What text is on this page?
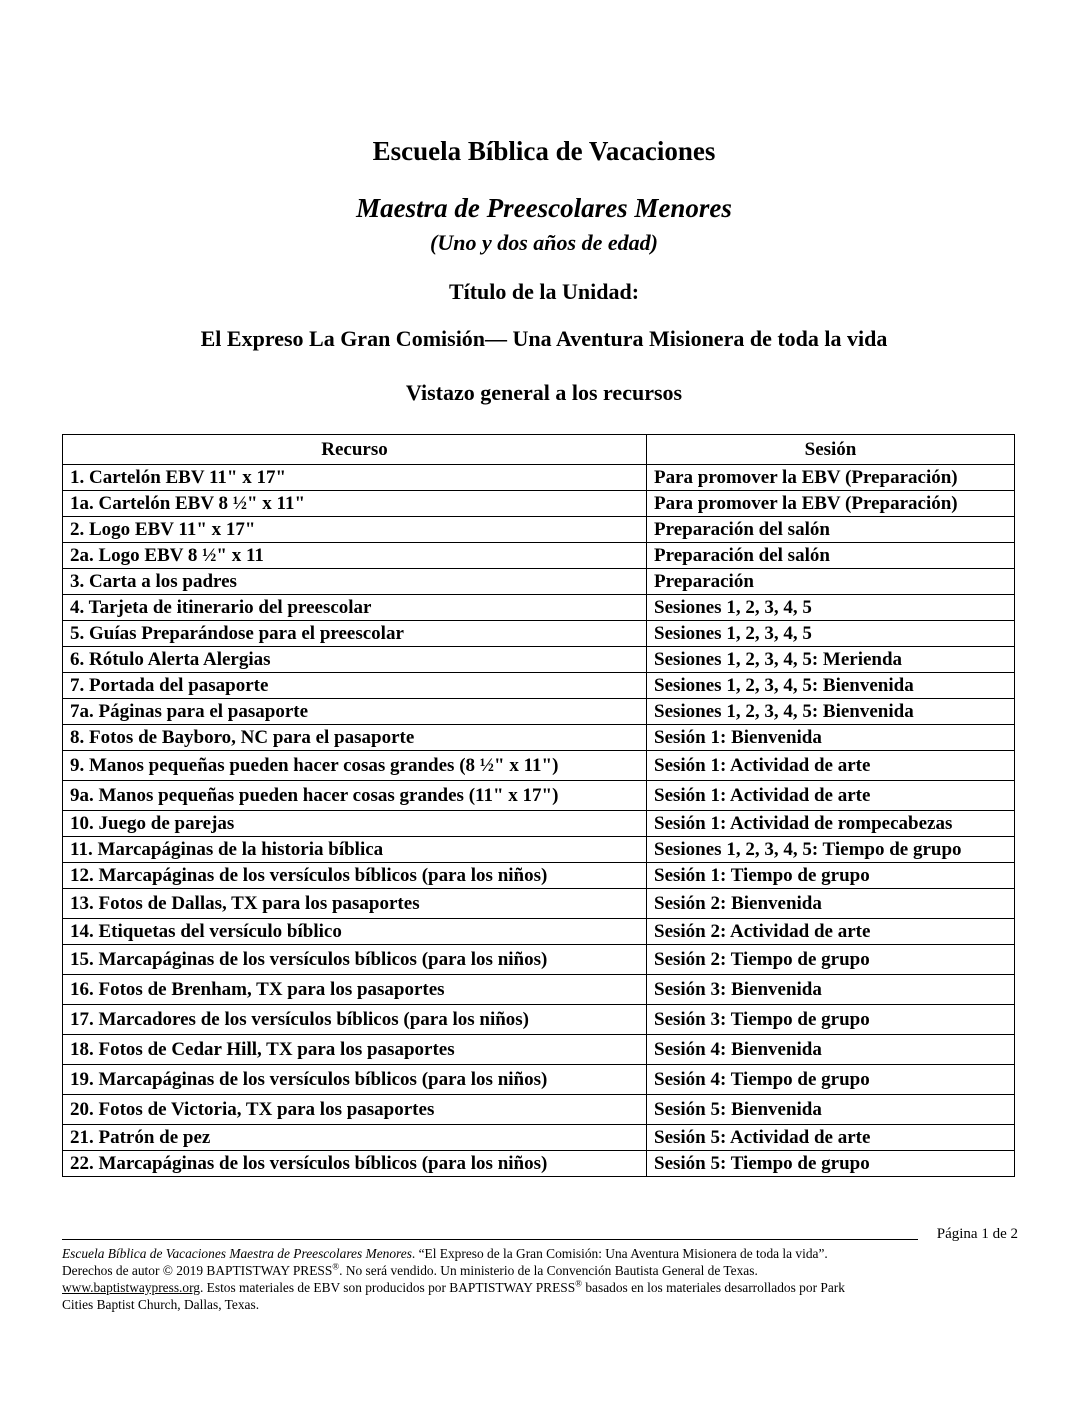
Escuela Bíblica de Vacaciones
Maestra de Preescolares Menores
(Uno y dos años de edad)
Título de la Unidad:
El Expreso La Gran Comisión— Una Aventura Misionera de toda la vida
Vistazo general a los recursos
Recurso	Sesión
1. Cartelón EBV 11" x 17"	Para promover la EBV (Preparación)
1a. Cartelón EBV 8 ½" x 11"	Para promover la EBV (Preparación)
2. Logo EBV 11" x 17"	Preparación del salón
2a. Logo EBV 8 ½" x 11	Preparación del salón
3. Carta a los padres	Preparación
4. Tarjeta de itinerario del preescolar	Sesiones 1, 2, 3, 4, 5
5. Guías Preparándose para el preescolar	Sesiones 1, 2, 3, 4, 5
6. Rótulo Alerta Alergias	Sesiones 1, 2, 3, 4, 5: Merienda
7. Portada del pasaporte	Sesiones 1, 2, 3, 4, 5: Bienvenida
7a. Páginas para el pasaporte	Sesiones 1, 2, 3, 4, 5: Bienvenida
8. Fotos de Bayboro, NC para el pasaporte	Sesión 1: Bienvenida
9. Manos pequeñas pueden hacer cosas grandes (8 ½" x 11")	Sesión 1: Actividad de arte
9a. Manos pequeñas pueden hacer cosas grandes (11" x 17")	Sesión 1: Actividad de arte
10. Juego de parejas	Sesión 1: Actividad de rompecabezas
11. Marcapáginas de la historia bíblica	Sesiones 1, 2, 3, 4, 5: Tiempo de grupo
12. Marcapáginas de los versículos bíblicos (para los niños)	Sesión 1: Tiempo de grupo
13. Fotos de Dallas, TX para los pasaportes	Sesión 2: Bienvenida
14. Etiquetas del versículo bíblico	Sesión 2: Actividad de arte
15. Marcapáginas de los versículos bíblicos (para los niños)	Sesión 2: Tiempo de grupo
16. Fotos de Brenham, TX para los pasaportes	Sesión 3: Bienvenida
17. Marcadores de los versículos bíblicos (para los niños)	Sesión 3: Tiempo de grupo
18. Fotos de Cedar Hill, TX para los pasaportes	Sesión 4: Bienvenida
19. Marcapáginas de los versículos bíblicos (para los niños)	Sesión 4: Tiempo de grupo
20. Fotos de Victoria, TX para los pasaportes	Sesión 5: Bienvenida
21. Patrón de pez	Sesión 5: Actividad de arte
22. Marcapáginas de los versículos bíblicos (para los niños)	Sesión 5: Tiempo de grupo
Página 1 de 2

Escuela Bíblica de Vacaciones Maestra de Preescolares Menores. “El Expreso de la Gran Comisión: Una Aventura Misionera de toda la vida”.

Derechos de autor © 2019 BAPTISTWAY PRESS®. No será vendido. Un ministerio de la Convención Bautista General de Texas.

www.baptistwaypress.org. Estos materiales de EBV son producidos por BAPTISTWAY PRESS® basados en los materiales desarrollados por Park

Cities Baptist Church, Dallas, Texas.
